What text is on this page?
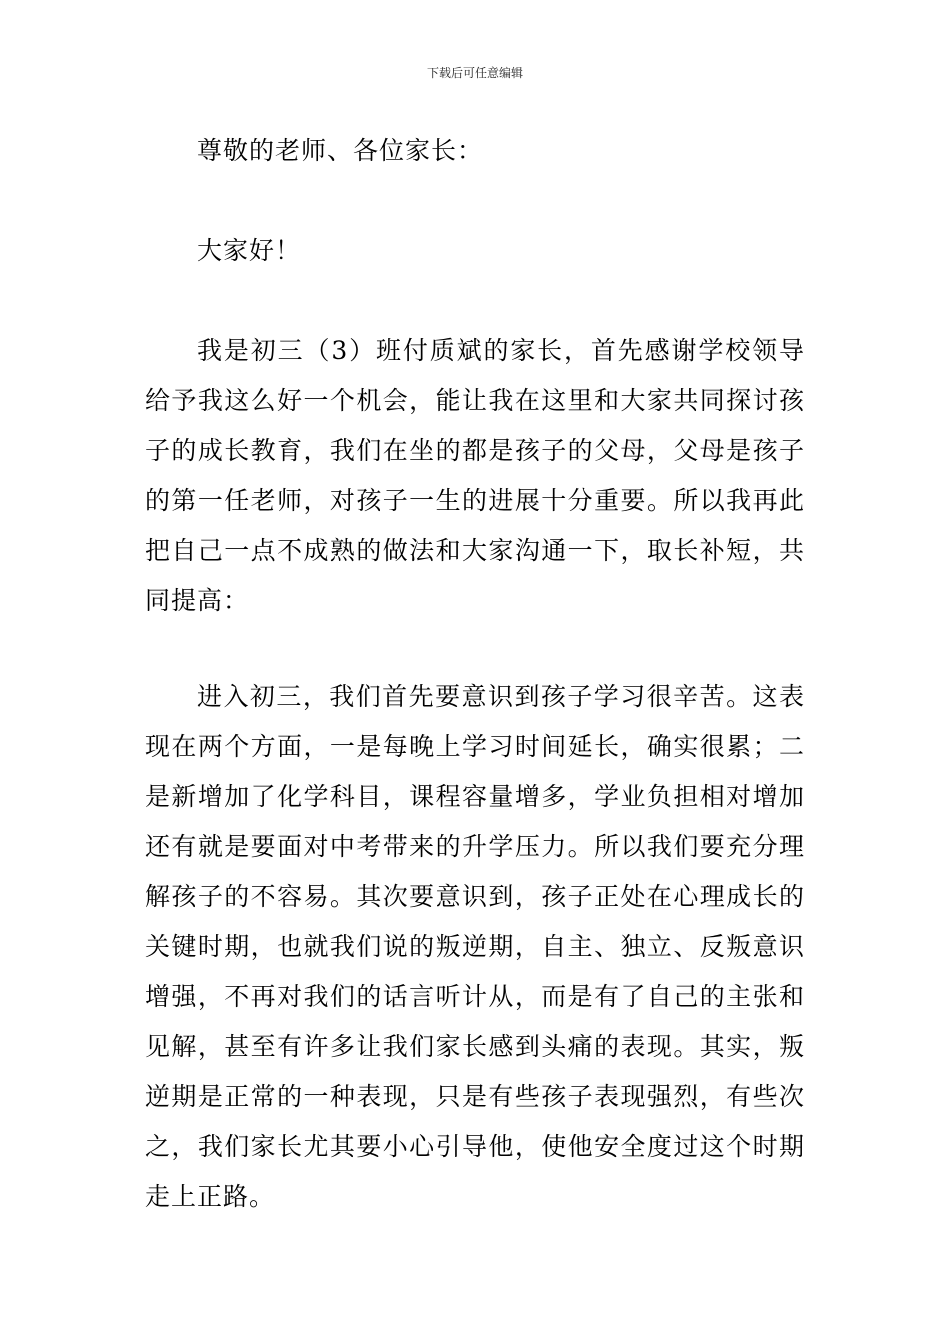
下载后可任意编辑

尊敬的老师、各位家长：

大家好！

我是初三（3）班付质斌的家长，首先感谢学校领导给予我这么好一个机会，能让我在这里和大家共同探讨孩子的成长教育，我们在坐的都是孩子的父母，父母是孩子的第一任老师，对孩子一生的进展十分重要。所以我再此把自己一点不成熟的做法和大家沟通一下，取长补短，共同提高：

进入初三，我们首先要意识到孩子学习很辛苦。这表现在两个方面，一是每晚上学习时间延长，确实很累；二是新增加了化学科目，课程容量增多，学业负担相对增加还有就是要面对中考带来的升学压力。所以我们要充分理解孩子的不容易。其次要意识到，孩子正处在心理成长的关键时期，也就我们说的叛逆期，自主、独立、反叛意识增强，不再对我们的话言听计从，而是有了自己的主张和见解，甚至有许多让我们家长感到头痛的表现。其实，叛逆期是正常的一种表现，只是有些孩子表现强烈，有些次之，我们家长尤其要小心引导他，使他安全度过这个时期走上正路。
